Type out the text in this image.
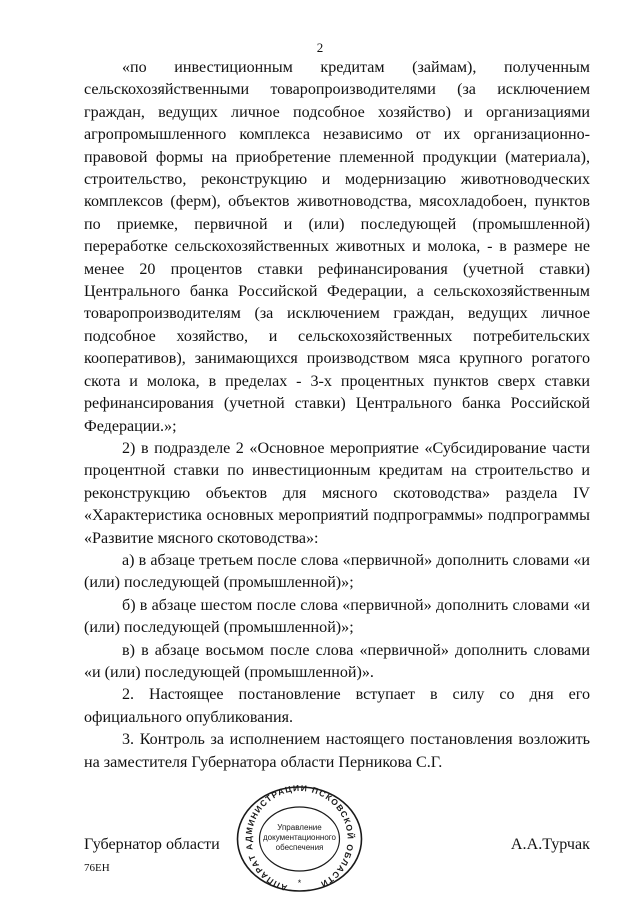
2

«по инвестиционным кредитам (займам), полученным сельскохозяйственными товаропроизводителями (за исключением граждан, ведущих личное подсобное хозяйство) и организациями агропромышленного комплекса независимо от их организационно-правовой формы на приобретение племенной продукции (материала), строительство, реконструкцию и модернизацию животноводческих комплексов (ферм), объектов животноводства, мясохладобоен, пунктов по приемке, первичной и (или) последующей (промышленной) переработке сельскохозяйственных животных и молока, - в размере не менее 20 процентов ставки рефинансирования (учетной ставки) Центрального банка Российской Федерации, а сельскохозяйственным товаропроизводителям (за исключением граждан, ведущих личное подсобное хозяйство, и сельскохозяйственных потребительских кооперативов), занимающихся производством мяса крупного рогатого скота и молока, в пределах - 3-х процентных пунктов сверх ставки рефинансирования (учетной ставки) Центрального банка Российской Федерации.»;

2) в подразделе 2 «Основное мероприятие «Субсидирование части процентной ставки по инвестиционным кредитам на строительство и реконструкцию объектов для мясного скотоводства» раздела IV «Характеристика основных мероприятий подпрограммы» подпрограммы «Развитие мясного скотоводства»:

а) в абзаце третьем после слова «первичной» дополнить словами «и (или) последующей (промышленной)»;

б) в абзаце шестом после слова «первичной» дополнить словами «и (или) последующей (промышленной)»;

в) в абзаце восьмом после слова «первичной» дополнить словами «и (или) последующей (промышленной)».

2. Настоящее постановление вступает в силу со дня его официального опубликования.

3. Контроль за исполнением настоящего постановления возложить на заместителя Губернатора области Перникова С.Г.

АППАРАТ АДМИНИСТРАЦИИ ПСКОВСКОЙ ОБЛАСТИ
Управление
документационного
обеспечения
*
Губернатор области	А.А.Турчак
76ЕН
